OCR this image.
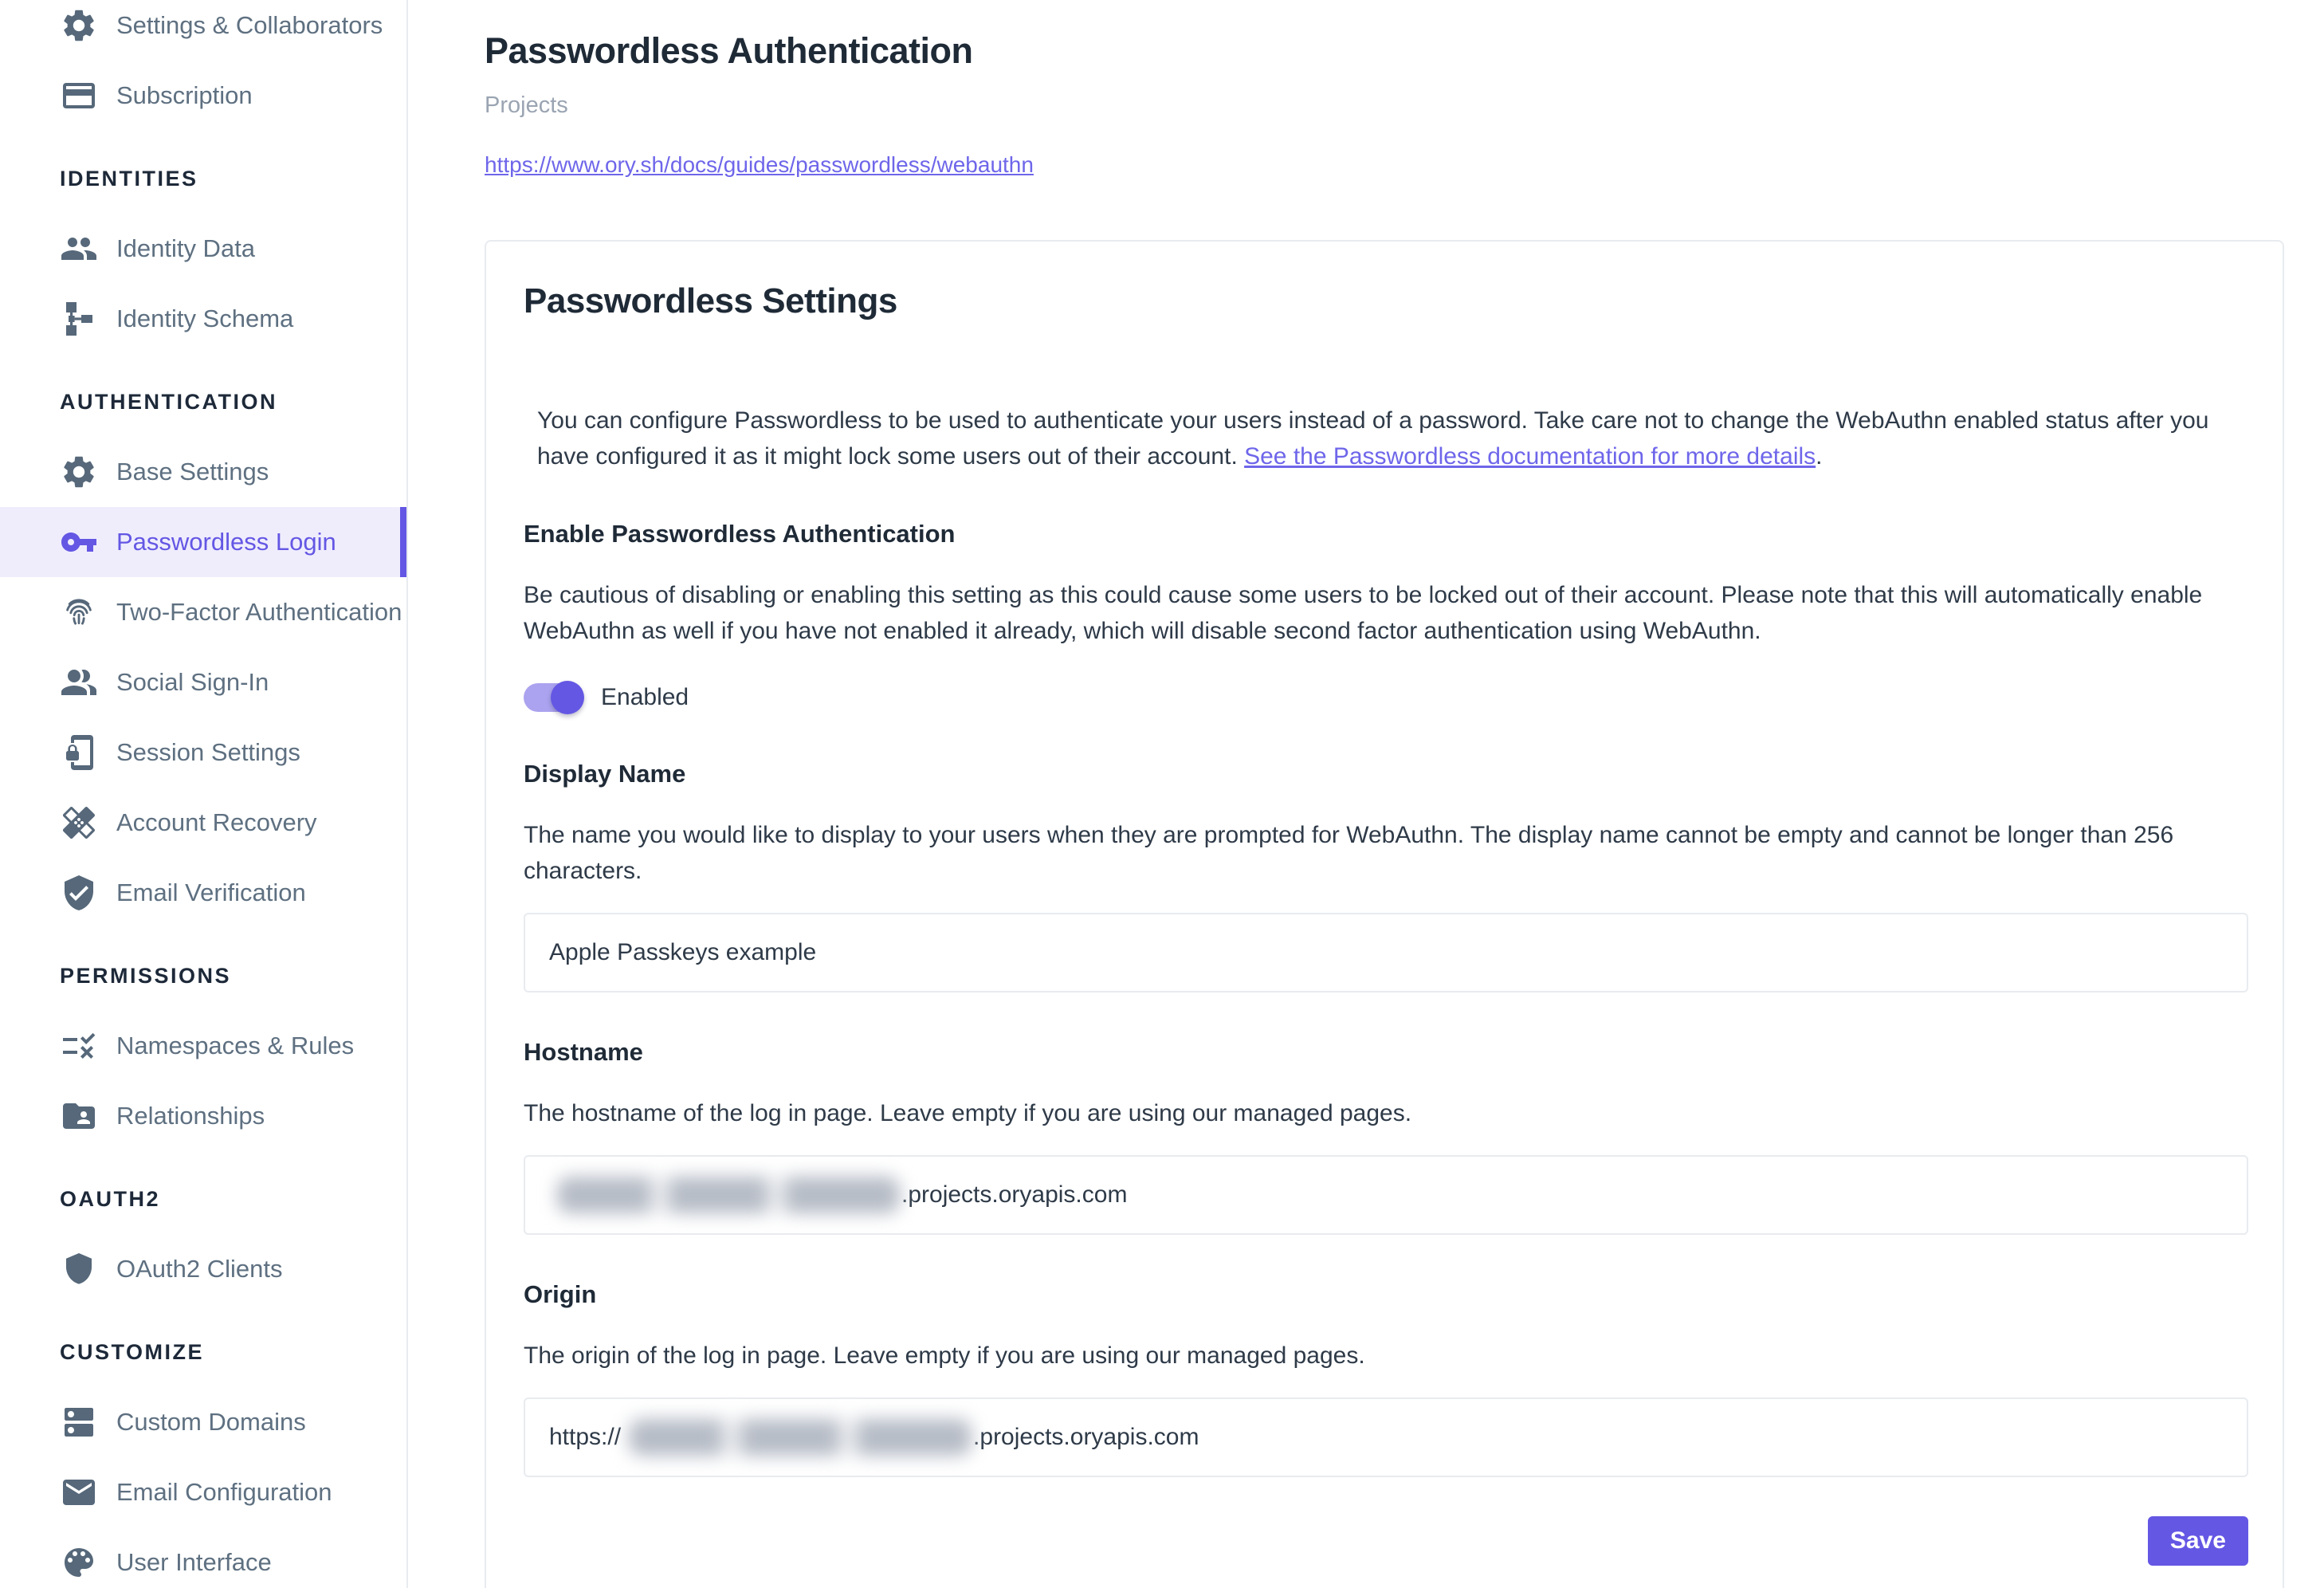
Settings & Collaborators
Subscription
IDENTITIES
Identity Data
Identity Schema
AUTHENTICATION
Base Settings
Passwordless Login
Two-Factor Authentication
Social Sign-In
Session Settings
Account Recovery
Email Verification
PERMISSIONS
Namespaces & Rules
Relationships
OAUTH2
OAuth2 Clients
CUSTOMIZE
Custom Domains
Email Configuration
User Interface
Passwordless Authentication
Projects
https://www.ory.sh/docs/guides/passwordless/webauthn
Passwordless Settings

You can configure Passwordless to be used to authenticate your users instead of a password. Take care not to change the WebAuthn enabled status after you have configured it as it might lock some users out of their account. See the Passwordless documentation for more details.

Enable Passwordless Authentication

Be cautious of disabling or enabling this setting as this could cause some users to be locked out of their account. Please note that this will automatically enable WebAuthn as well if you have not enabled it already, which will disable second factor authentication using WebAuthn.

Enabled
Display Name

The name you would like to display to your users when they are prompted for WebAuthn. The display name cannot be empty and cannot be longer than 256 characters.

Apple Passkeys example
Hostname

The hostname of the log in page. Leave empty if you are using our managed pages.

.projects.oryapis.com
Origin

The origin of the log in page. Leave empty if you are using our managed pages.

https://	.projects.oryapis.com
Save
